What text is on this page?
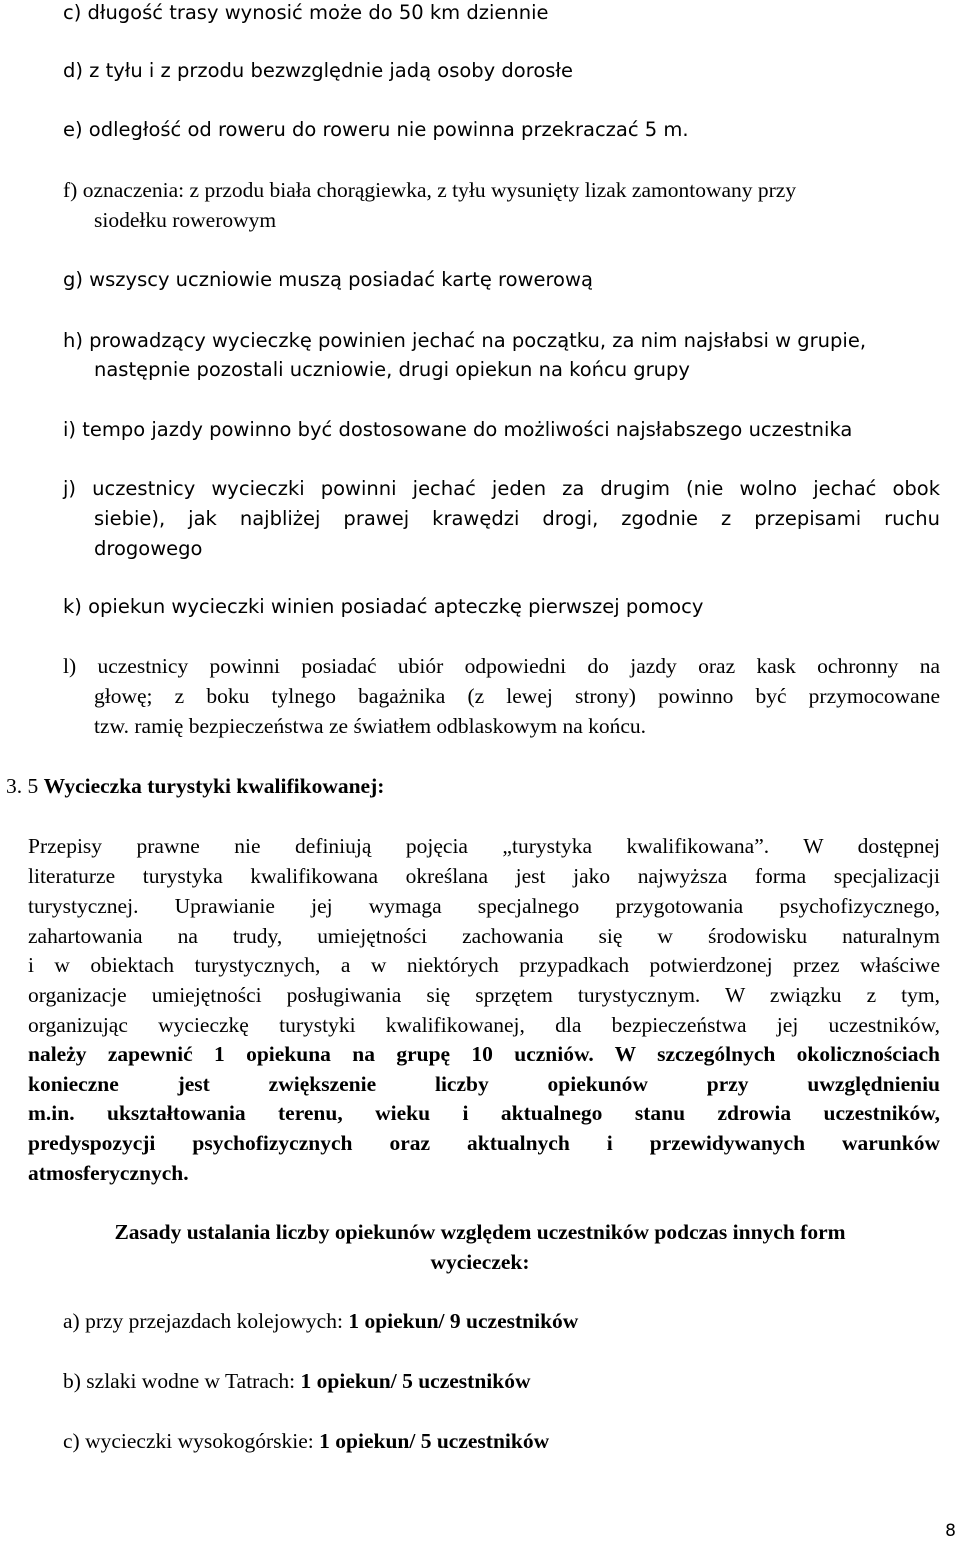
c) długość trasy wynosić może do 50 km dziennie
d) z tyłu i z przodu bezwzględnie jadą osoby dorosłe
e) odległość od roweru do roweru nie powinna przekraczać 5 m.
f) oznaczenia: z przodu biała chorągiewka, z tyłu wysunięty lizak zamontowany przy
siodełku rowerowym
g) wszyscy uczniowie muszą posiadać kartę rowerową
h) prowadzący wycieczkę powinien jechać na początku, za nim najsłabsi w grupie,
następnie pozostali uczniowie, drugi opiekun na końcu grupy
i) tempo jazdy powinno być dostosowane do możliwości najsłabszego uczestnika
j) uczestnicy wycieczki powinni jechać jeden za drugim (nie wolno jechać obok
siebie), jak najbliżej prawej krawędzi drogi, zgodnie z przepisami ruchu
drogowego
k) opiekun wycieczki winien posiadać apteczkę pierwszej pomocy
l) uczestnicy powinni posiadać ubiór odpowiedni do jazdy oraz kask ochronny na
głowę; z boku tylnego bagażnika (z lewej strony) powinno być przymocowane
tzw. ramię bezpieczeństwa ze światłem odblaskowym na końcu.
3. 5 Wycieczka turystyki kwalifikowanej:
Przepisy prawne nie definiują pojęcia „turystyka kwalifikowana”. W dostępnej
literaturze turystyka kwalifikowana określana jest jako najwyższa forma specjalizacji
turystycznej. Uprawianie jej wymaga specjalnego przygotowania psychofizycznego,
zahartowania na trudy, umiejętności zachowania się w środowisku naturalnym
i w obiektach turystycznych, a w niektórych przypadkach potwierdzonej przez właściwe
organizacje umiejętności posługiwania się sprzętem turystycznym. W związku z tym,
organizując wycieczkę turystyki kwalifikowanej, dla bezpieczeństwa jej uczestników,
należy zapewnić 1 opiekuna na grupę 10 uczniów. W szczególnych okolicznościach
konieczne jest zwiększenie liczby opiekunów przy uwzględnieniu
m.in. ukształtowania terenu, wieku i aktualnego stanu zdrowia uczestników,
predyspozycji psychofizycznych oraz aktualnych i przewidywanych warunków
atmosferycznych.
Zasady ustalania liczby opiekunów względem uczestników podczas innych form
wycieczek:
a) przy przejazdach kolejowych: 1 opiekun/ 9 uczestników
b) szlaki wodne w Tatrach: 1 opiekun/ 5 uczestników
c) wycieczki wysokogórskie: 1 opiekun/ 5 uczestników
8
